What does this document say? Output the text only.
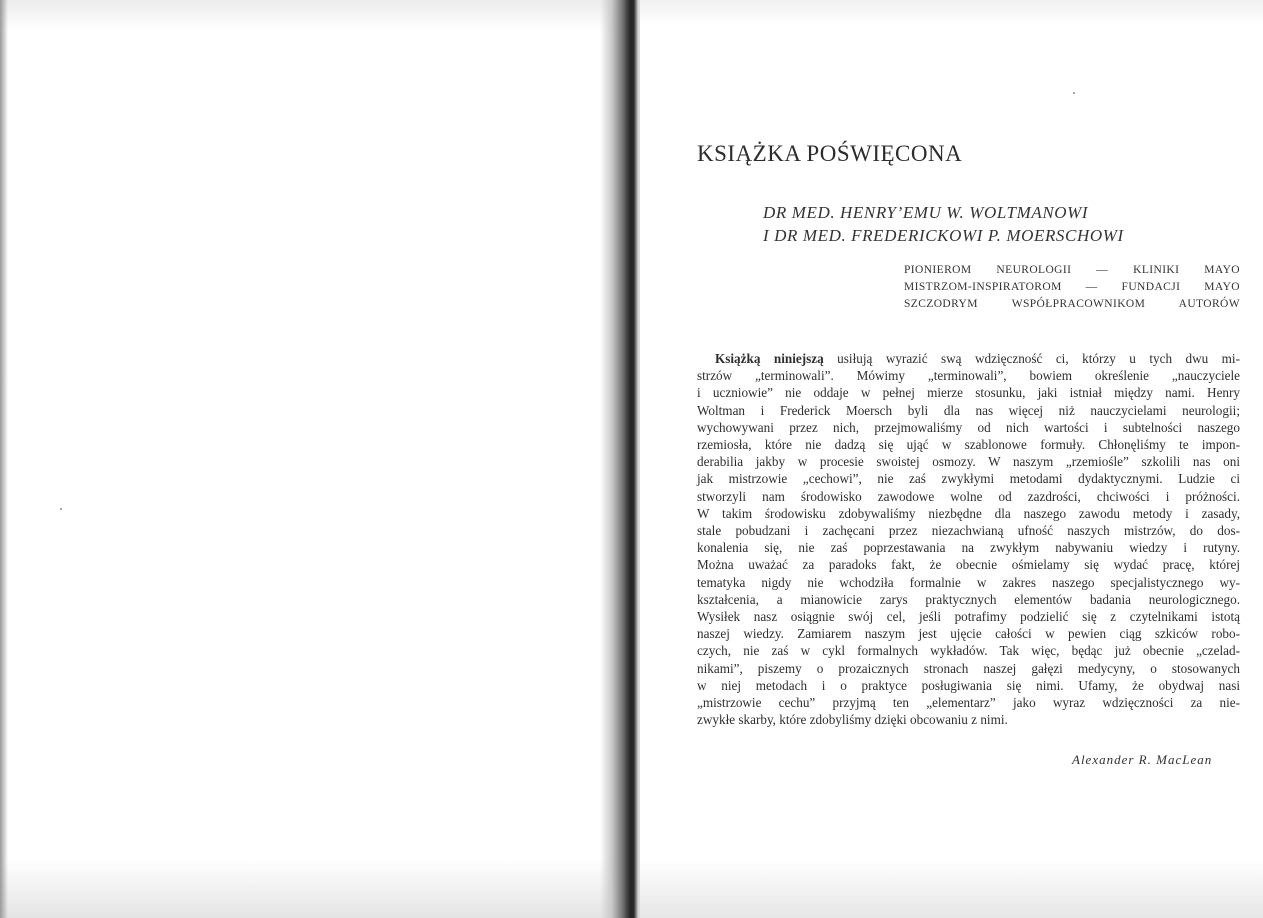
KSIĄŻKA POŚWIĘCONA
DR MED. HENRY’EMU W. WOLTMANOWI
I DR MED. FREDERICKOWI P. MOERSCHOWI
PIONIEROM NEUROLOGII — KLINIKI MAYO
MISTRZOM-INSPIRATOROM — FUNDACJI MAYO
SZCZODRYM WSPÓŁPRACOWNIKOM AUTORÓW
Książką niniejszą usiłują wyrazić swą wdzięczność ci, którzy u tych dwu mi-
strzów „terminowali”. Mówimy „terminowali”, bowiem określenie „nauczyciele
i uczniowie” nie oddaje w pełnej mierze stosunku, jaki istniał między nami. Henry
Woltman i Frederick Moersch byli dla nas więcej niż nauczycielami neurologii;
wychowywani przez nich, przejmowaliśmy od nich wartości i subtelności naszego
rzemiosła, które nie dadzą się ująć w szablonowe formuły. Chłonęliśmy te impon-
derabilia jakby w procesie swoistej osmozy. W naszym „rzemiośle” szkolili nas oni
jak mistrzowie „cechowi”, nie zaś zwykłymi metodami dydaktycznymi. Ludzie ci
stworzyli nam środowisko zawodowe wolne od zazdrości, chciwości i próżności.
W takim środowisku zdobywaliśmy niezbędne dla naszego zawodu metody i zasady,
stale pobudzani i zachęcani przez niezachwianą ufność naszych mistrzów, do dos-
konalenia się, nie zaś poprzestawania na zwykłym nabywaniu wiedzy i rutyny.
Można uważać za paradoks fakt, że obecnie ośmielamy się wydać pracę, której
tematyka nigdy nie wchodziła formalnie w zakres naszego specjalistycznego wy-
kształcenia, a mianowicie zarys praktycznych elementów badania neurologicznego.
Wysiłek nasz osiągnie swój cel, jeśli potrafimy podzielić się z czytelnikami istotą
naszej wiedzy. Zamiarem naszym jest ujęcie całości w pewien ciąg szkiców robo-
czych, nie zaś w cykl formalnych wykładów. Tak więc, będąc już obecnie „czelad-
nikami”, piszemy o prozaicznych stronach naszej gałęzi medycyny, o stosowanych
w niej metodach i o praktyce posługiwania się nimi. Ufamy, że obydwaj nasi
„mistrzowie cechu” przyjmą ten „elementarz” jako wyraz wdzięczności za nie-
zwykłe skarby, które zdobyliśmy dzięki obcowaniu z nimi.
Alexander R. MacLean
